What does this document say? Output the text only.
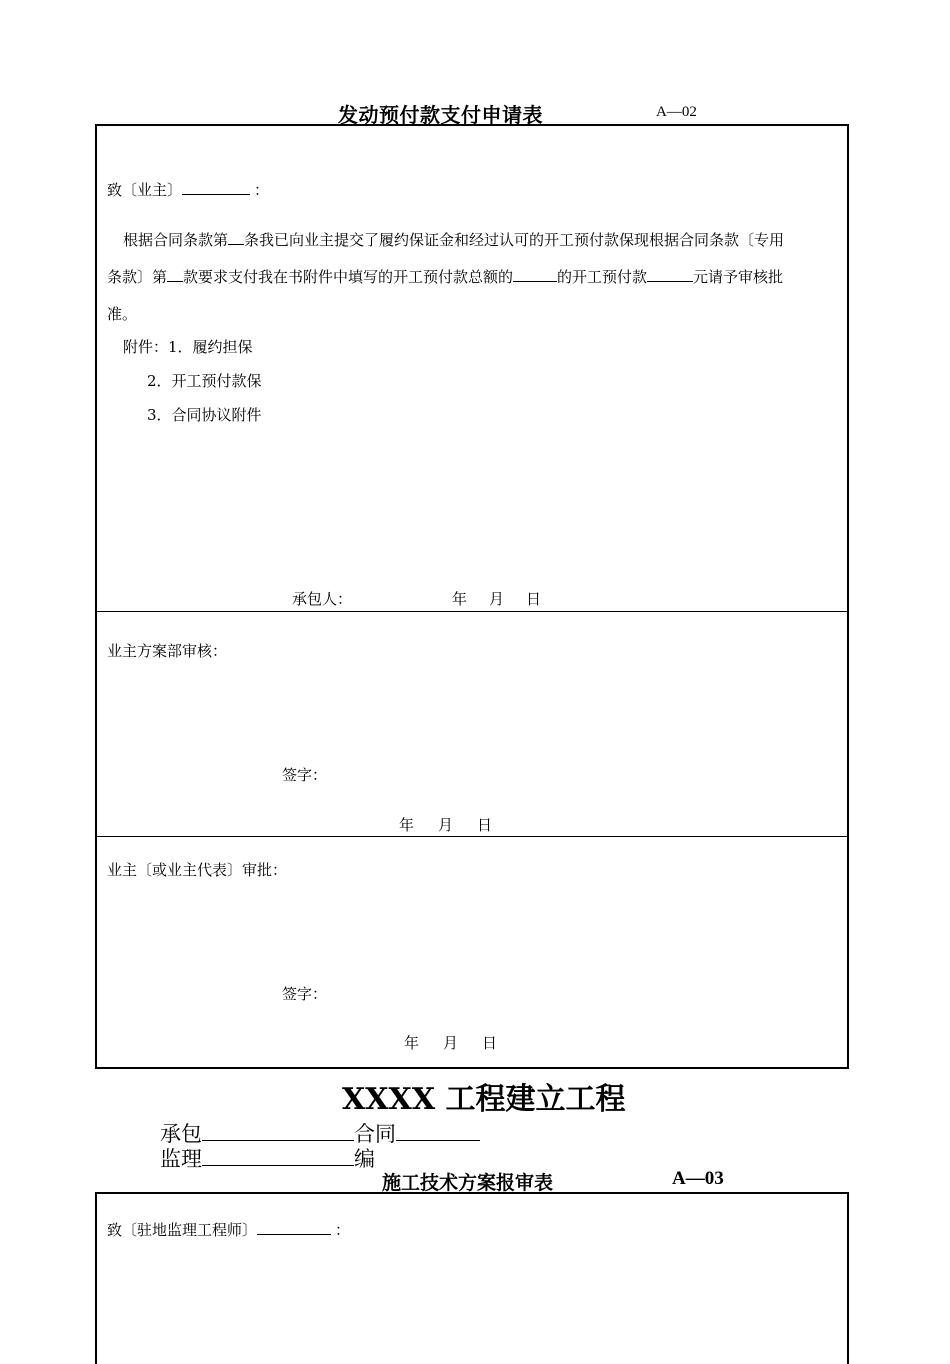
发动预付款支付申请表	A—02
致〔业主〕	：
根据合同条款第 条我已向业主提交了履约保证金和经过认可的开工预付款保现根据合同条款〔专用
条款〕第 款要求支付我在书附件中填写的开工预付款总额的	的开工预付款	元请予审核批
准。
附件：1．履约担保
2．开工预付款保
3．合同协议附件
承包人：	年 月 日
业主方案部审核：
签字：
年 月 日
业主〔或业主代表〕审批：
签字：
年 月 日
XXXX 工程建立工程
承包	合同
监理	编
施工技术方案报审表	A—03
致〔驻地监理工程师〕	：
